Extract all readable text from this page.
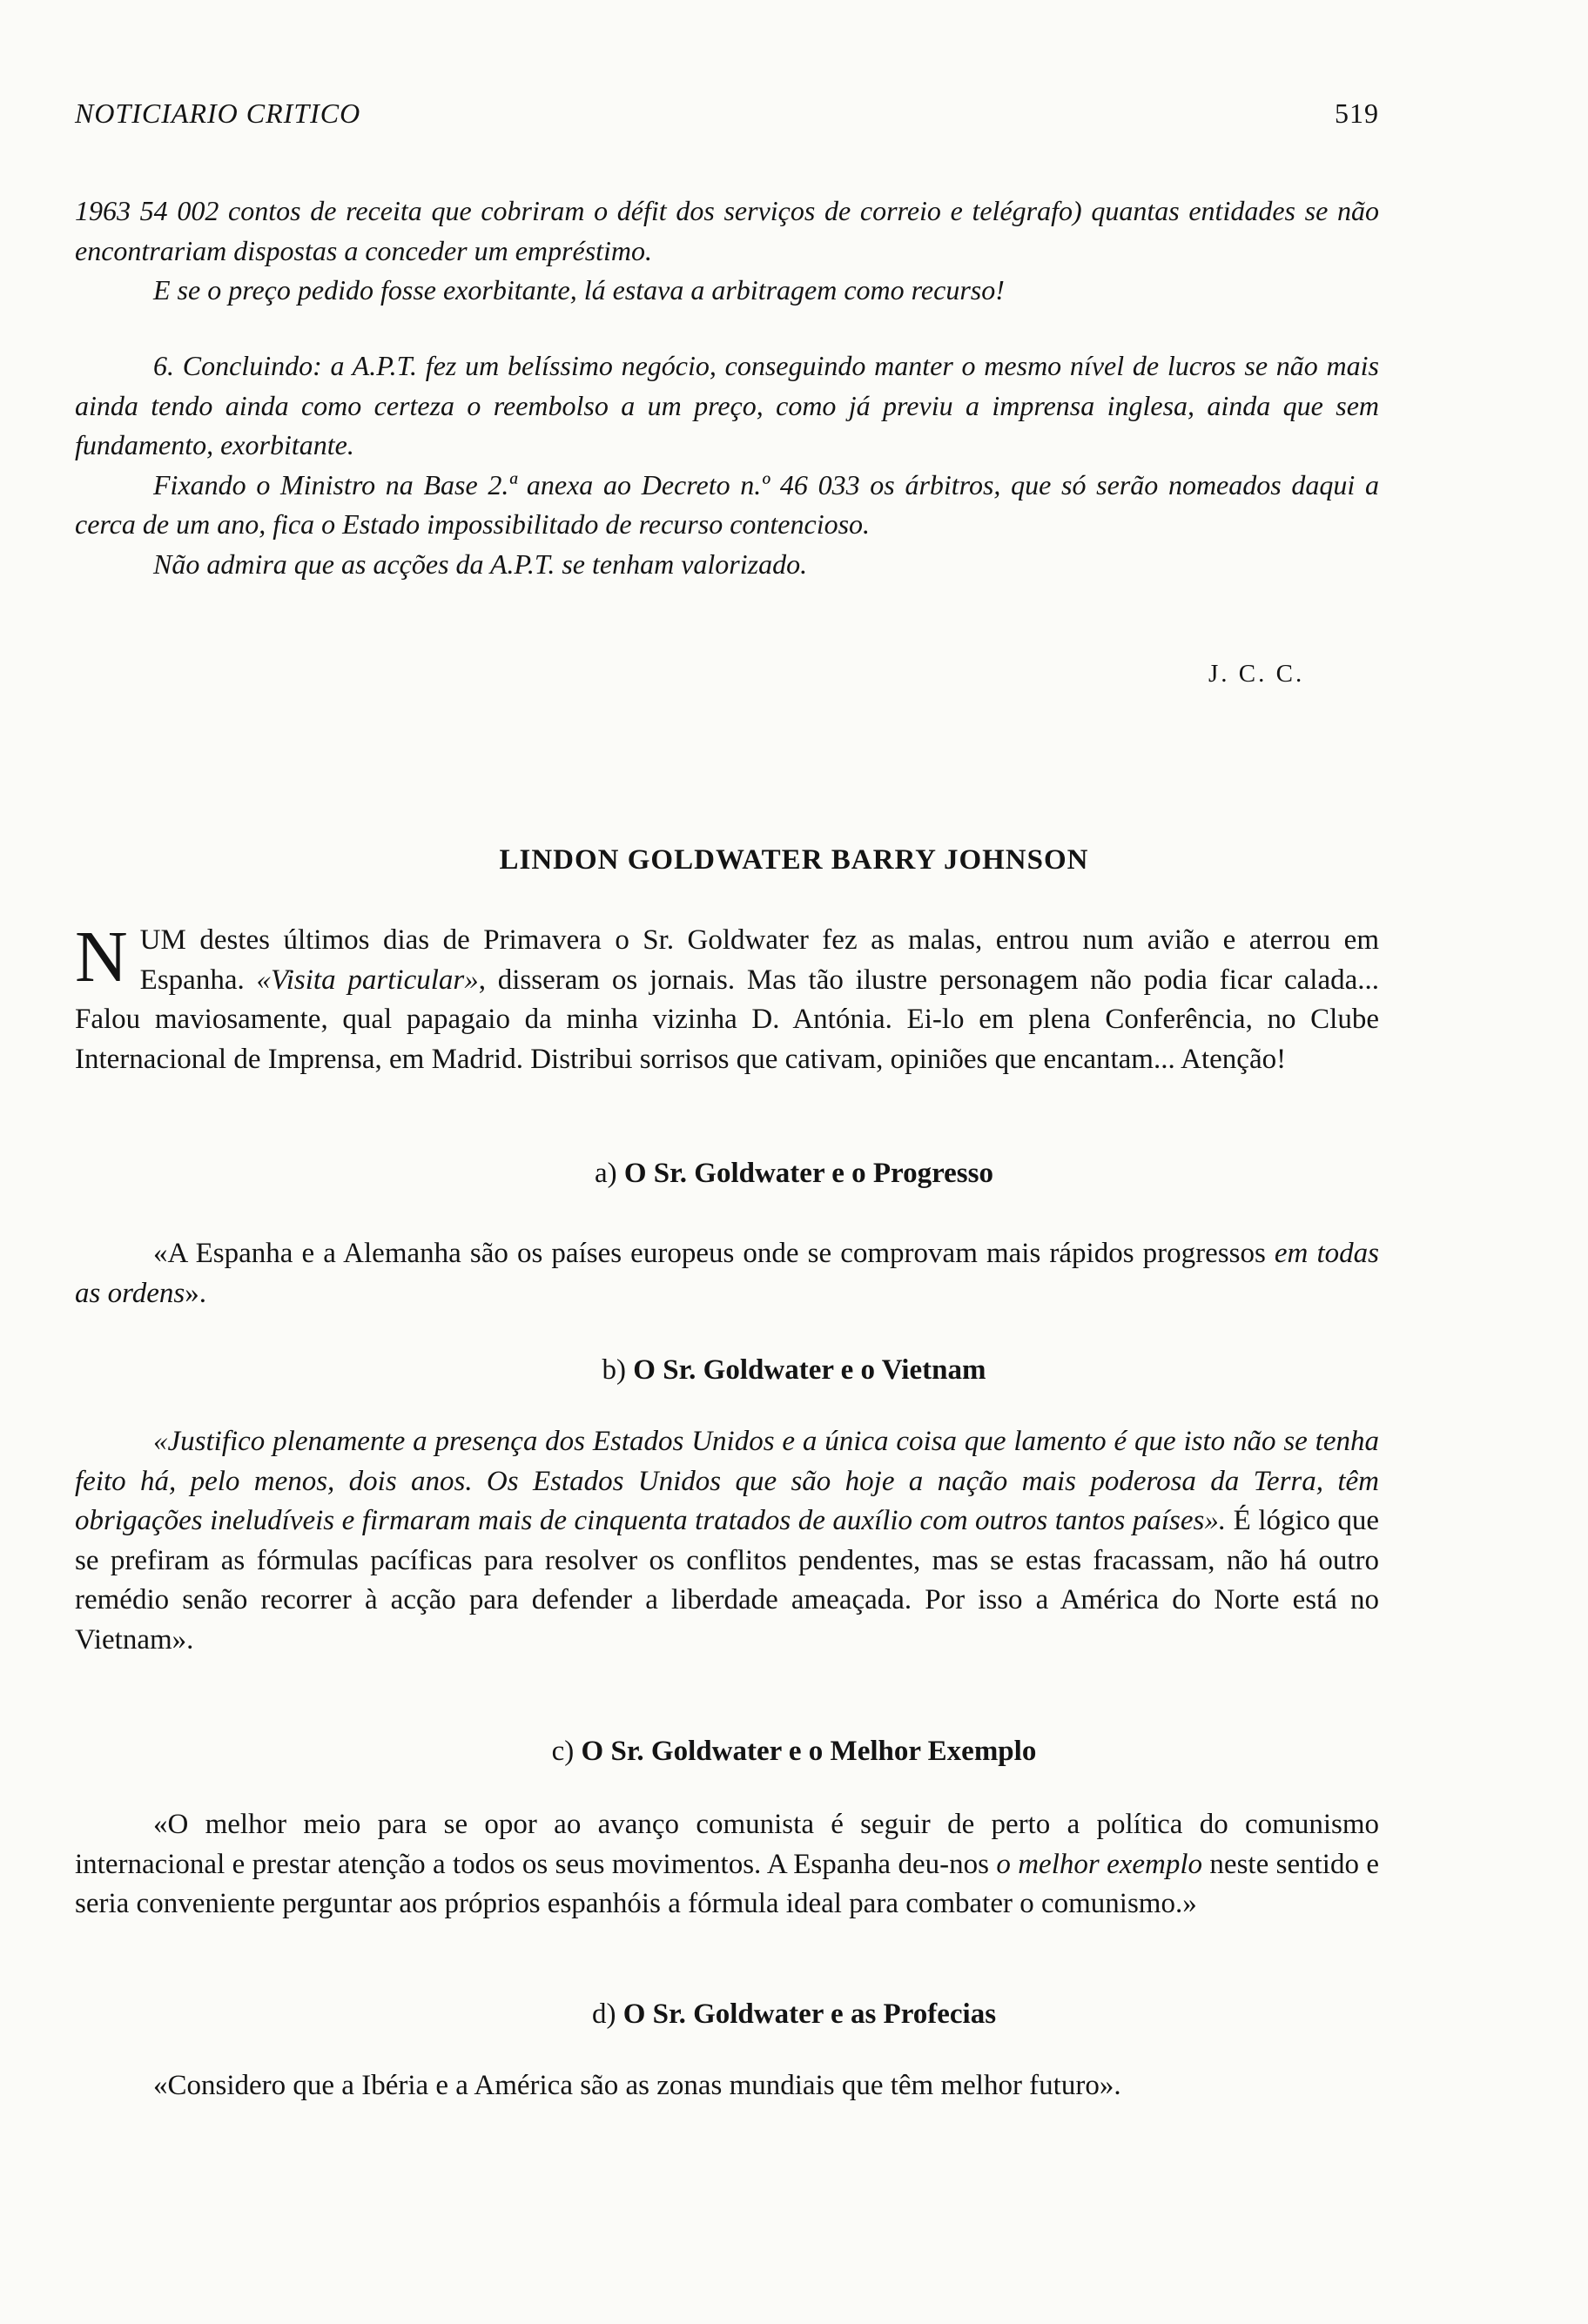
NOTICIARIO CRITICO	519

1963 54 002 contos de receita que cobriram o défit dos serviços de correio e telégrafo) quantas entidades se não encontrariam dispostas a conceder um empréstimo.

E se o preço pedido fosse exorbitante, lá estava a arbitragem como recurso!

6. Concluindo: a A.P.T. fez um belíssimo negócio, conseguindo manter o mesmo nível de lucros se não mais ainda tendo ainda como certeza o reembolso a um preço, como já previu a imprensa inglesa, ainda que sem fundamento, exorbitante.

Fixando o Ministro na Base 2.ª anexa ao Decreto n.º 46 033 os árbitros, que só serão nomeados daqui a cerca de um ano, fica o Estado impossibilitado de recurso contencioso.

Não admira que as acções da A.P.T. se tenham valorizado.

J. C. C.
LINDON GOLDWATER BARRY JOHNSON

NUM destes últimos dias de Primavera o Sr. Goldwater fez as malas, entrou num avião e aterrou em Espanha. «Visita particular», disseram os jornais. Mas tão ilustre personagem não podia ficar calada... Falou maviosamente, qual papagaio da minha vizinha D. Antónia. Ei-lo em plena Conferência, no Clube Internacional de Imprensa, em Madrid. Distribui sorrisos que cativam, opiniões que encantam... Atenção!

a) O Sr. Goldwater e o Progresso

«A Espanha e a Alemanha são os países europeus onde se comprovam mais rápidos progressos em todas as ordens».

b) O Sr. Goldwater e o Vietnam

«Justifico plenamente a presença dos Estados Unidos e a única coisa que lamento é que isto não se tenha feito há, pelo menos, dois anos. Os Estados Unidos que são hoje a nação mais poderosa da Terra, têm obrigações ineludíveis e firmaram mais de cinquenta tratados de auxílio com outros tantos países». É lógico que se prefiram as fórmulas pacíficas para resolver os conflitos pendentes, mas se estas fracassam, não há outro remédio senão recorrer à acção para defender a liberdade ameaçada. Por isso a América do Norte está no Vietnam».

c) O Sr. Goldwater e o Melhor Exemplo

«O melhor meio para se opor ao avanço comunista é seguir de perto a política do comunismo internacional e prestar atenção a todos os seus movimentos. A Espanha deu-nos o melhor exemplo neste sentido e seria conveniente perguntar aos próprios espanhóis a fórmula ideal para combater o comunismo.»

d) O Sr. Goldwater e as Profecias

«Considero que a Ibéria e a América são as zonas mundiais que têm melhor futuro».
